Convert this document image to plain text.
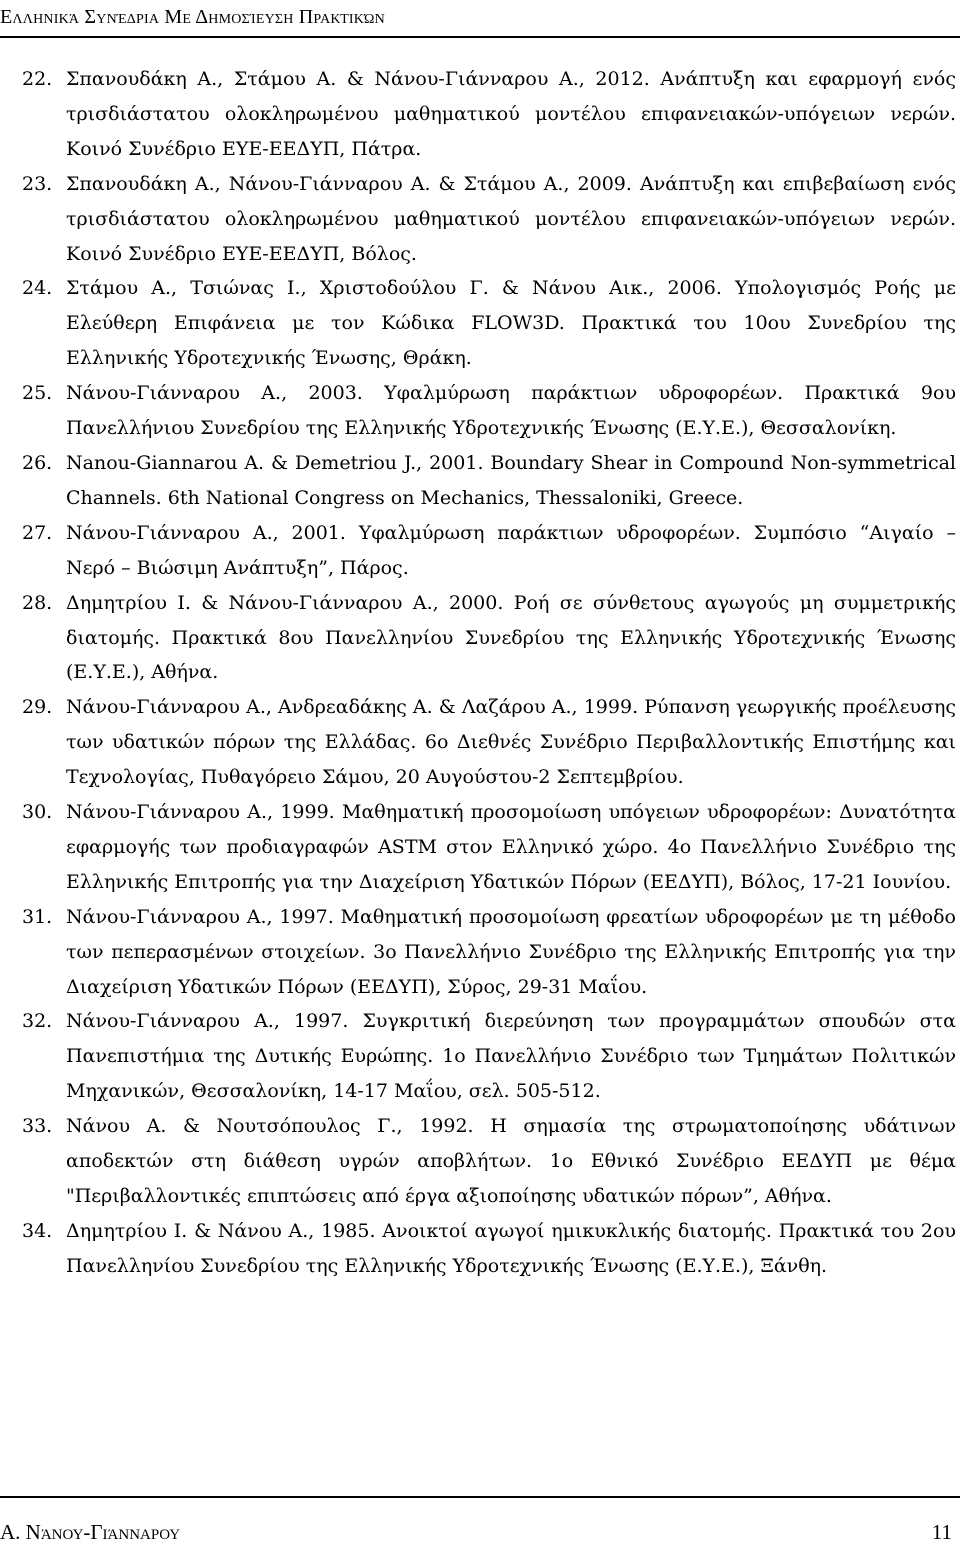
Ελληνικά Συνέδρια Με Δημοσίευση Πρακτικών
22. Σπανουδάκη Α., Στάμου Α. & Νάνου-Γιάνναρου Α., 2012. Ανάπτυξη και εφαρμογή ενός τρισδιάστατου ολοκληρωμένου μαθηματικού μοντέλου επιφανειακών-υπόγειων νερών. Κοινό Συνέδριο ΕΥΕ-ΕΕΔΥΠ, Πάτρα.
23. Σπανουδάκη Α., Νάνου-Γιάνναρου Α. & Στάμου Α., 2009. Ανάπτυξη και επιβεβαίωση ενός τρισδιάστατου ολοκληρωμένου μαθηματικού μοντέλου επιφανειακών-υπόγειων νερών. Κοινό Συνέδριο ΕΥΕ-ΕΕΔΥΠ, Βόλος.
24. Στάμου Α., Τσιώνας Ι., Χριστοδούλου Γ. & Νάνου Αικ., 2006. Υπολογισμός Ροής με Ελεύθερη Επιφάνεια με τον Κώδικα FLOW3D. Πρακτικά του 10ου Συνεδρίου της Ελληνικής Υδροτεχνικής Ένωσης, Θράκη.
25. Νάνου-Γιάνναρου Α., 2003. Υφαλμύρωση παράκτιων υδροφορέων. Πρακτικά 9ου Πανελλήνιου Συνεδρίου της Ελληνικής Υδροτεχνικής Ένωσης (Ε.Υ.Ε.), Θεσσαλονίκη.
26. Nanou-Giannarou A. & Demetriou J., 2001. Boundary Shear in Compound Non-symmetrical Channels. 6th National Congress on Mechanics, Thessaloniki, Greece.
27. Νάνου-Γιάνναρου Α., 2001. Υφαλμύρωση παράκτιων υδροφορέων. Συμπόσιο “Αιγαίο – Νερό – Βιώσιμη Ανάπτυξη”, Πάρος.
28. Δημητρίου Ι. & Νάνου-Γιάνναρου Α., 2000. Ροή σε σύνθετους αγωγούς μη συμμετρικής διατομής. Πρακτικά 8ου Πανελληνίου Συνεδρίου της Ελληνικής Υδροτεχνικής Ένωσης (Ε.Υ.Ε.), Αθήνα.
29. Νάνου-Γιάνναρου Α., Ανδρεαδάκης Α. & Λαζάρου Α., 1999. Ρύπανση γεωργικής προέλευσης των υδατικών πόρων της Ελλάδας. 6ο Διεθνές Συνέδριο Περιβαλλοντικής Επιστήμης και Τεχνολογίας, Πυθαγόρειο Σάμου, 20 Αυγούστου-2 Σεπτεμβρίου.
30. Νάνου-Γιάνναρου Α., 1999. Μαθηματική προσομοίωση υπόγειων υδροφορέων: Δυνατότητα εφαρμογής των προδιαγραφών ASTM στον Ελληνικό χώρο. 4ο Πανελλήνιο Συνέδριο της Ελληνικής Επιτροπής για την Διαχείριση Υδατικών Πόρων (ΕΕΔΥΠ), Βόλος, 17-21 Ιουνίου.
31. Νάνου-Γιάνναρου Α., 1997. Μαθηματική προσομοίωση φρεατίων υδροφορέων με τη μέθοδο των πεπερασμένων στοιχείων. 3ο Πανελλήνιο Συνέδριο της Ελληνικής Επιτροπής για την Διαχείριση Υδατικών Πόρων (ΕΕΔΥΠ), Σύρος, 29-31 Μαΐου.
32. Νάνου-Γιάνναρου Α., 1997. Συγκριτική διερεύνηση των προγραμμάτων σπουδών στα Πανεπιστήμια της Δυτικής Ευρώπης. 1ο Πανελλήνιο Συνέδριο των Τμημάτων Πολιτικών Μηχανικών, Θεσσαλονίκη, 14-17 Μαΐου, σελ. 505-512.
33. Νάνου Α. & Νουτσόπουλος Γ., 1992. Η σημασία της στρωματοποίησης υδάτινων αποδεκτών στη διάθεση υγρών αποβλήτων. 1ο Εθνικό Συνέδριο ΕΕΔΥΠ με θέμα "Περιβαλλοντικές επιπτώσεις από έργα αξιοποίησης υδατικών πόρων”, Αθήνα.
34. Δημητρίου Ι. & Νάνου Α., 1985. Ανοικτοί αγωγοί ημικυκλικής διατομής. Πρακτικά του 2ου Πανελληνίου Συνεδρίου της Ελληνικής Υδροτεχνικής Ένωσης (Ε.Υ.Ε.), Ξάνθη.
Α. Νάνου-Γιάνναρου	11
